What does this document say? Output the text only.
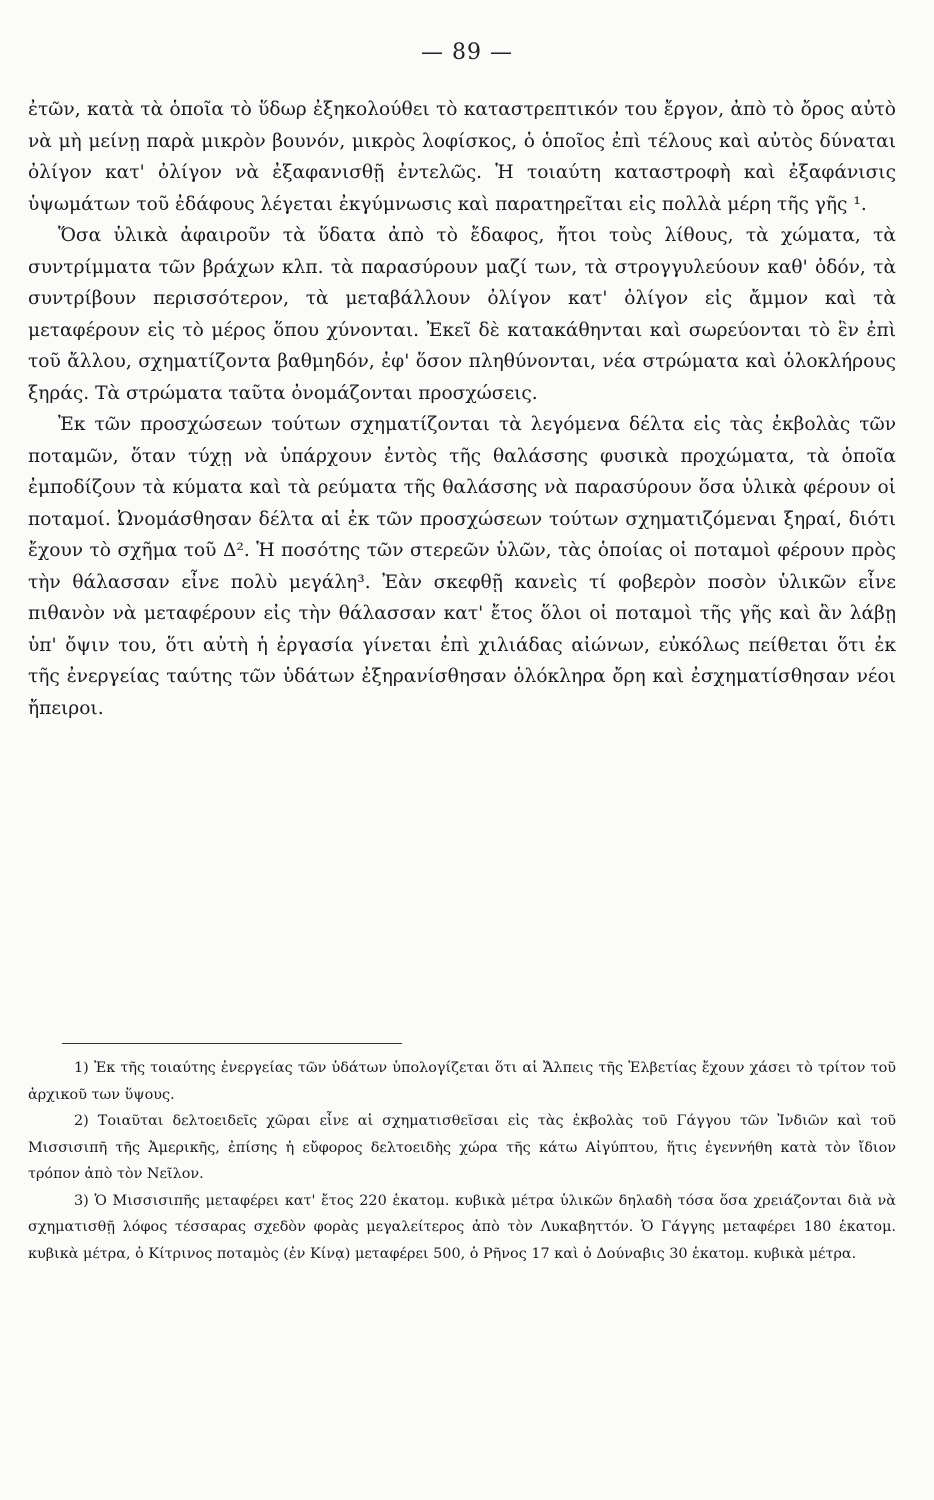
— 89 —

ἐτῶν, κατὰ τὰ ὁποῖα τὸ ὕδωρ ἐξηκολούθει τὸ καταστρεπτικόν του ἔργον, ἀπὸ τὸ ὄρος αὐτὸ νὰ μὴ μείνῃ παρὰ μικρὸν βουνόν, μικρὸς λοφίσκος, ὁ ὁποῖος ἐπὶ τέλους καὶ αὐτὸς δύναται ὀλίγον κατ' ὀλίγον νὰ ἐξαφανισθῇ ἐντελῶς. Ἡ τοιαύτη καταστροφὴ καὶ ἐξαφάνισις ὑψωμάτων τοῦ ἐδάφους λέγεται ἐκγύμνωσις καὶ παρατηρεῖται εἰς πολλὰ μέρη τῆς γῆς ¹.

Ὅσα ὑλικὰ ἀφαιροῦν τὰ ὕδατα ἀπὸ τὸ ἔδαφος, ἤτοι τοὺς λίθους, τὰ χώματα, τὰ συντρίμματα τῶν βράχων κλπ. τὰ παρασύρουν μαζί των, τὰ στρογγυλεύουν καθ' ὁδόν, τὰ συντρίβουν περισσότερον, τὰ μεταβάλλουν ὀλίγον κατ' ὀλίγον εἰς ἄμμον καὶ τὰ μεταφέρουν εἰς τὸ μέρος ὅπου χύνονται. Ἐκεῖ δὲ κατακάθηνται καὶ σωρεύονται τὸ ἓν ἐπὶ τοῦ ἄλλου, σχηματίζοντα βαθμηδόν, ἐφ' ὅσον πληθύνονται, νέα στρώματα καὶ ὁλοκλήρους ξηράς. Τὰ στρώματα ταῦτα ὀνομάζονται προσχώσεις.

Ἐκ τῶν προσχώσεων τούτων σχηματίζονται τὰ λεγόμενα δέλτα εἰς τὰς ἐκβολὰς τῶν ποταμῶν, ὅταν τύχῃ νὰ ὑπάρχουν ἐντὸς τῆς θαλάσσης φυσικὰ προχώματα, τὰ ὁποῖα ἐμποδίζουν τὰ κύματα καὶ τὰ ρεύματα τῆς θαλάσσης νὰ παρασύρουν ὅσα ὑλικὰ φέρουν οἱ ποταμοί. Ὠνομάσθησαν δέλτα αἱ ἐκ τῶν προσχώσεων τούτων σχηματιζόμεναι ξηραί, διότι ἔχουν τὸ σχῆμα τοῦ Δ². Ἡ ποσότης τῶν στερεῶν ὑλῶν, τὰς ὁποίας οἱ ποταμοὶ φέρουν πρὸς τὴν θάλασσαν εἶνε πολὺ μεγάλη³. Ἐὰν σκεφθῇ κανεὶς τί φοβερὸν ποσὸν ὑλικῶν εἶνε πιθανὸν νὰ μεταφέρουν εἰς τὴν θάλασσαν κατ' ἔτος ὅλοι οἱ ποταμοὶ τῆς γῆς καὶ ἂν λάβῃ ὑπ' ὄψιν του, ὅτι αὐτὴ ἡ ἐργασία γίνεται ἐπὶ χιλιάδας αἰώνων, εὐκόλως πείθεται ὅτι ἐκ τῆς ἐνεργείας ταύτης τῶν ὑδάτων ἐξηρανίσθησαν ὁλόκληρα ὄρη καὶ ἐσχηματίσθησαν νέοι ἤπειροι.

1) Ἐκ τῆς τοιαύτης ἐνεργείας τῶν ὑδάτων ὑπολογίζεται ὅτι αἱ Ἄλπεις τῆς Ἑλβετίας ἔχουν χάσει τὸ τρίτον τοῦ ἀρχικοῦ των ὕψους.

2) Τοιαῦται δελτοειδεῖς χῶραι εἶνε αἱ σχηματισθεῖσαι εἰς τὰς ἐκβολὰς τοῦ Γάγγου τῶν Ἰνδιῶν καὶ τοῦ Μισσισιπῆ τῆς Ἀμερικῆς, ἐπίσης ἡ εὔφορος δελτοειδὴς χώρα τῆς κάτω Αἰγύπτου, ἥτις ἐγεννήθη κατὰ τὸν ἴδιον τρόπον ἀπὸ τὸν Νεῖλον.

3) Ὁ Μισσισιπῆς μεταφέρει κατ' ἔτος 220 ἑκατομ. κυβικὰ μέτρα ὑλικῶν δηλαδὴ τόσα ὅσα χρειάζονται διὰ νὰ σχηματισθῇ λόφος τέσσαρας σχεδὸν φορὰς μεγαλείτερος ἀπὸ τὸν Λυκαβηττόν. Ὁ Γάγγης μεταφέρει 180 ἑκατομ. κυβικὰ μέτρα, ὁ Κίτρινος ποταμὸς (ἐν Κίνᾳ) μεταφέρει 500, ὁ Ρῆνος 17 καὶ ὁ Δούναβις 30 ἑκατομ. κυβικὰ μέτρα.
